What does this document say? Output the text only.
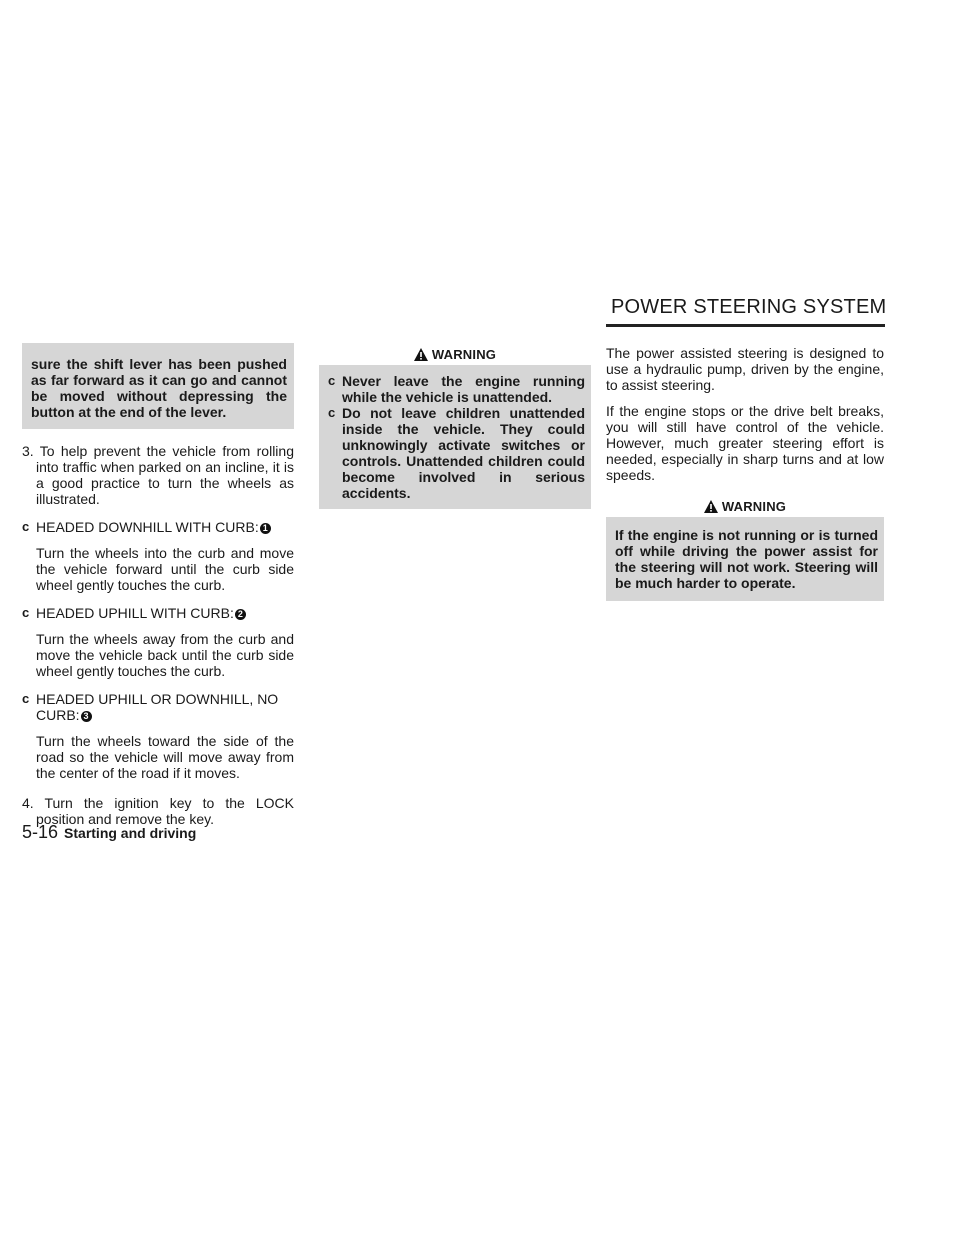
POWER STEERING SYSTEM
sure the shift lever has been pushed as far forward as it can go and cannot be moved without depressing the button at the end of the lever.

3. To help prevent the vehicle from rolling into traffic when parked on an incline, it is a good practice to turn the wheels as illustrated.

c HEADED DOWNHILL WITH CURB: 1

Turn the wheels into the curb and move the vehicle forward until the curb side wheel gently touches the curb.

c HEADED UPHILL WITH CURB: 2

Turn the wheels away from the curb and move the vehicle back until the curb side wheel gently touches the curb.

c HEADED UPHILL OR DOWNHILL, NO CURB: 3

Turn the wheels toward the side of the road so the vehicle will move away from the center of the road if it moves.

4. Turn the ignition key to the LOCK position and remove the key.

WARNING
c Never leave the engine running while the vehicle is unattended.
c Do not leave children unattended inside the vehicle. They could unknowingly activate switches or controls. Unattended children could become involved in serious accidents.

The power assisted steering is designed to use a hydraulic pump, driven by the engine, to assist steering.

If the engine stops or the drive belt breaks, you will still have control of the vehicle. However, much greater steering effort is needed, especially in sharp turns and at low speeds.

WARNING
If the engine is not running or is turned off while driving the power assist for the steering will not work. Steering will be much harder to operate.
5-16 Starting and driving
